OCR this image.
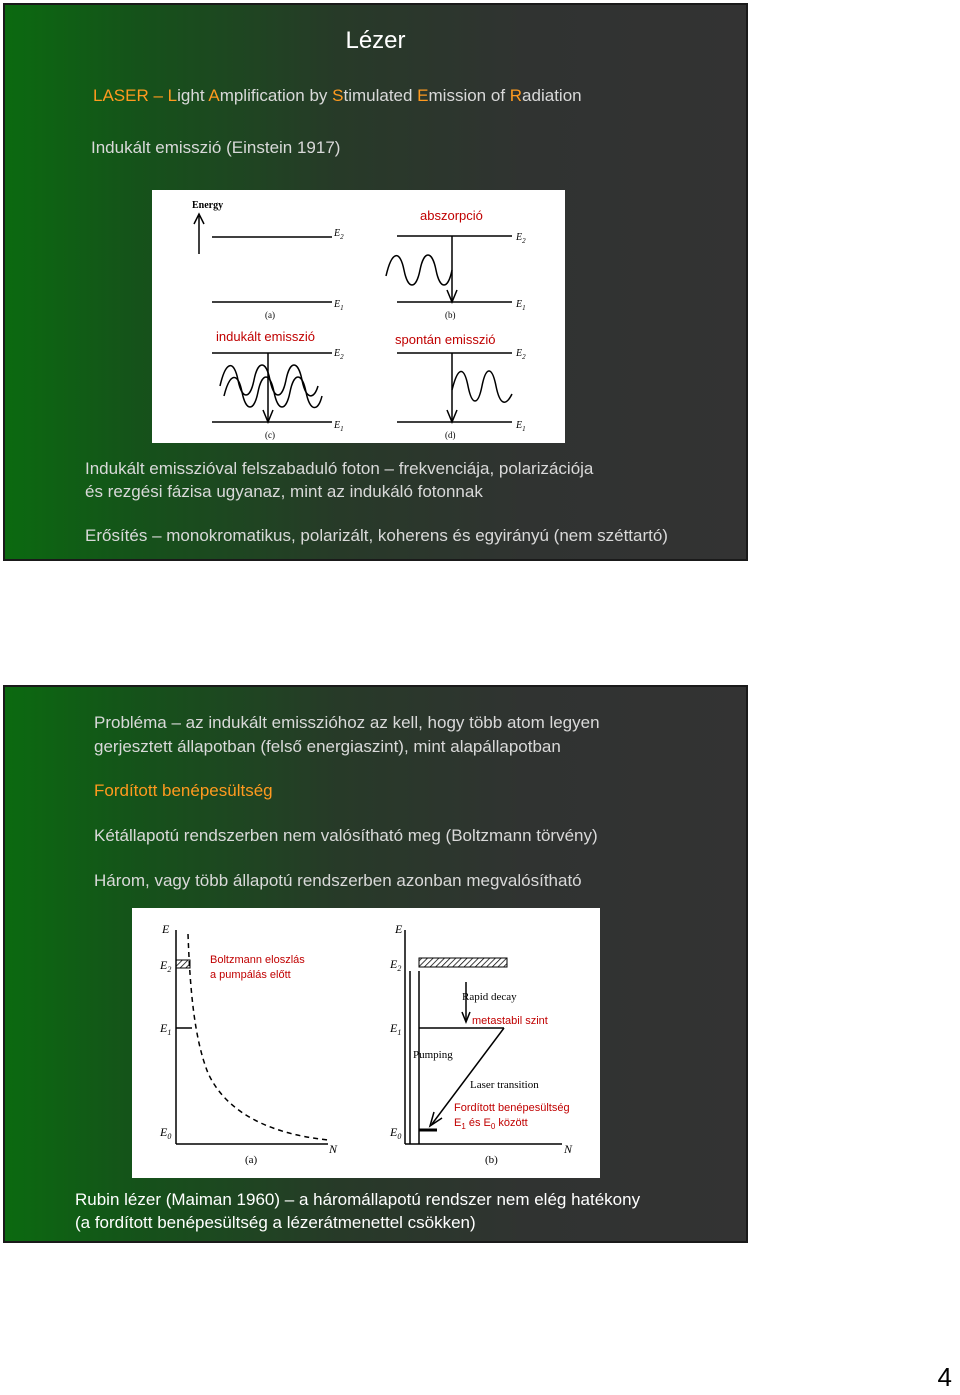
Lézer
LASER – Light Amplification by Stimulated Emission of Radiation
Indukált emisszió (Einstein 1917)
Energy
$E_2$
$E_1$
$E_2$
$E_1$
$E_2$
$E_1$
$E_2$
$E_1$
(a)	(b)
(c)	(d)
abszorpció
indukált emisszió	spontán emisszió
Indukált emisszióval felszabaduló foton – frekvenciája, polarizációja
és rezgési fázisa ugyanaz, mint az indukáló fotonnak
Erősítés – monokromatikus, polarizált, koherens és egyirányú (nem széttartó)
Probléma – az indukált emisszióhoz az kell, hogy több atom legyen
gerjesztett állapotban (felső energiaszint), mint alapállapotban
Fordított benépesültség
Kétállapotú rendszerben nem valósítható meg (Boltzmann törvény)
Három, vagy több állapotú rendszerben azonban megvalósítható
E
$E_2$
$E_1$
$E_0$
N
E
$E_2$
$E_1$
$E_0$
N
(a)	(b)
Rapid decay
Pumping
Laser transition
Boltzmann eloszlás
a pumpálás előtt
metastabil szint
Fordított benépesültség
$E_1$ és $E_0$ között
Rubin lézer (Maiman 1960) – a háromállapotú rendszer nem elég hatékony
(a fordított benépesültség a lézerátmenettel csökken)
4
